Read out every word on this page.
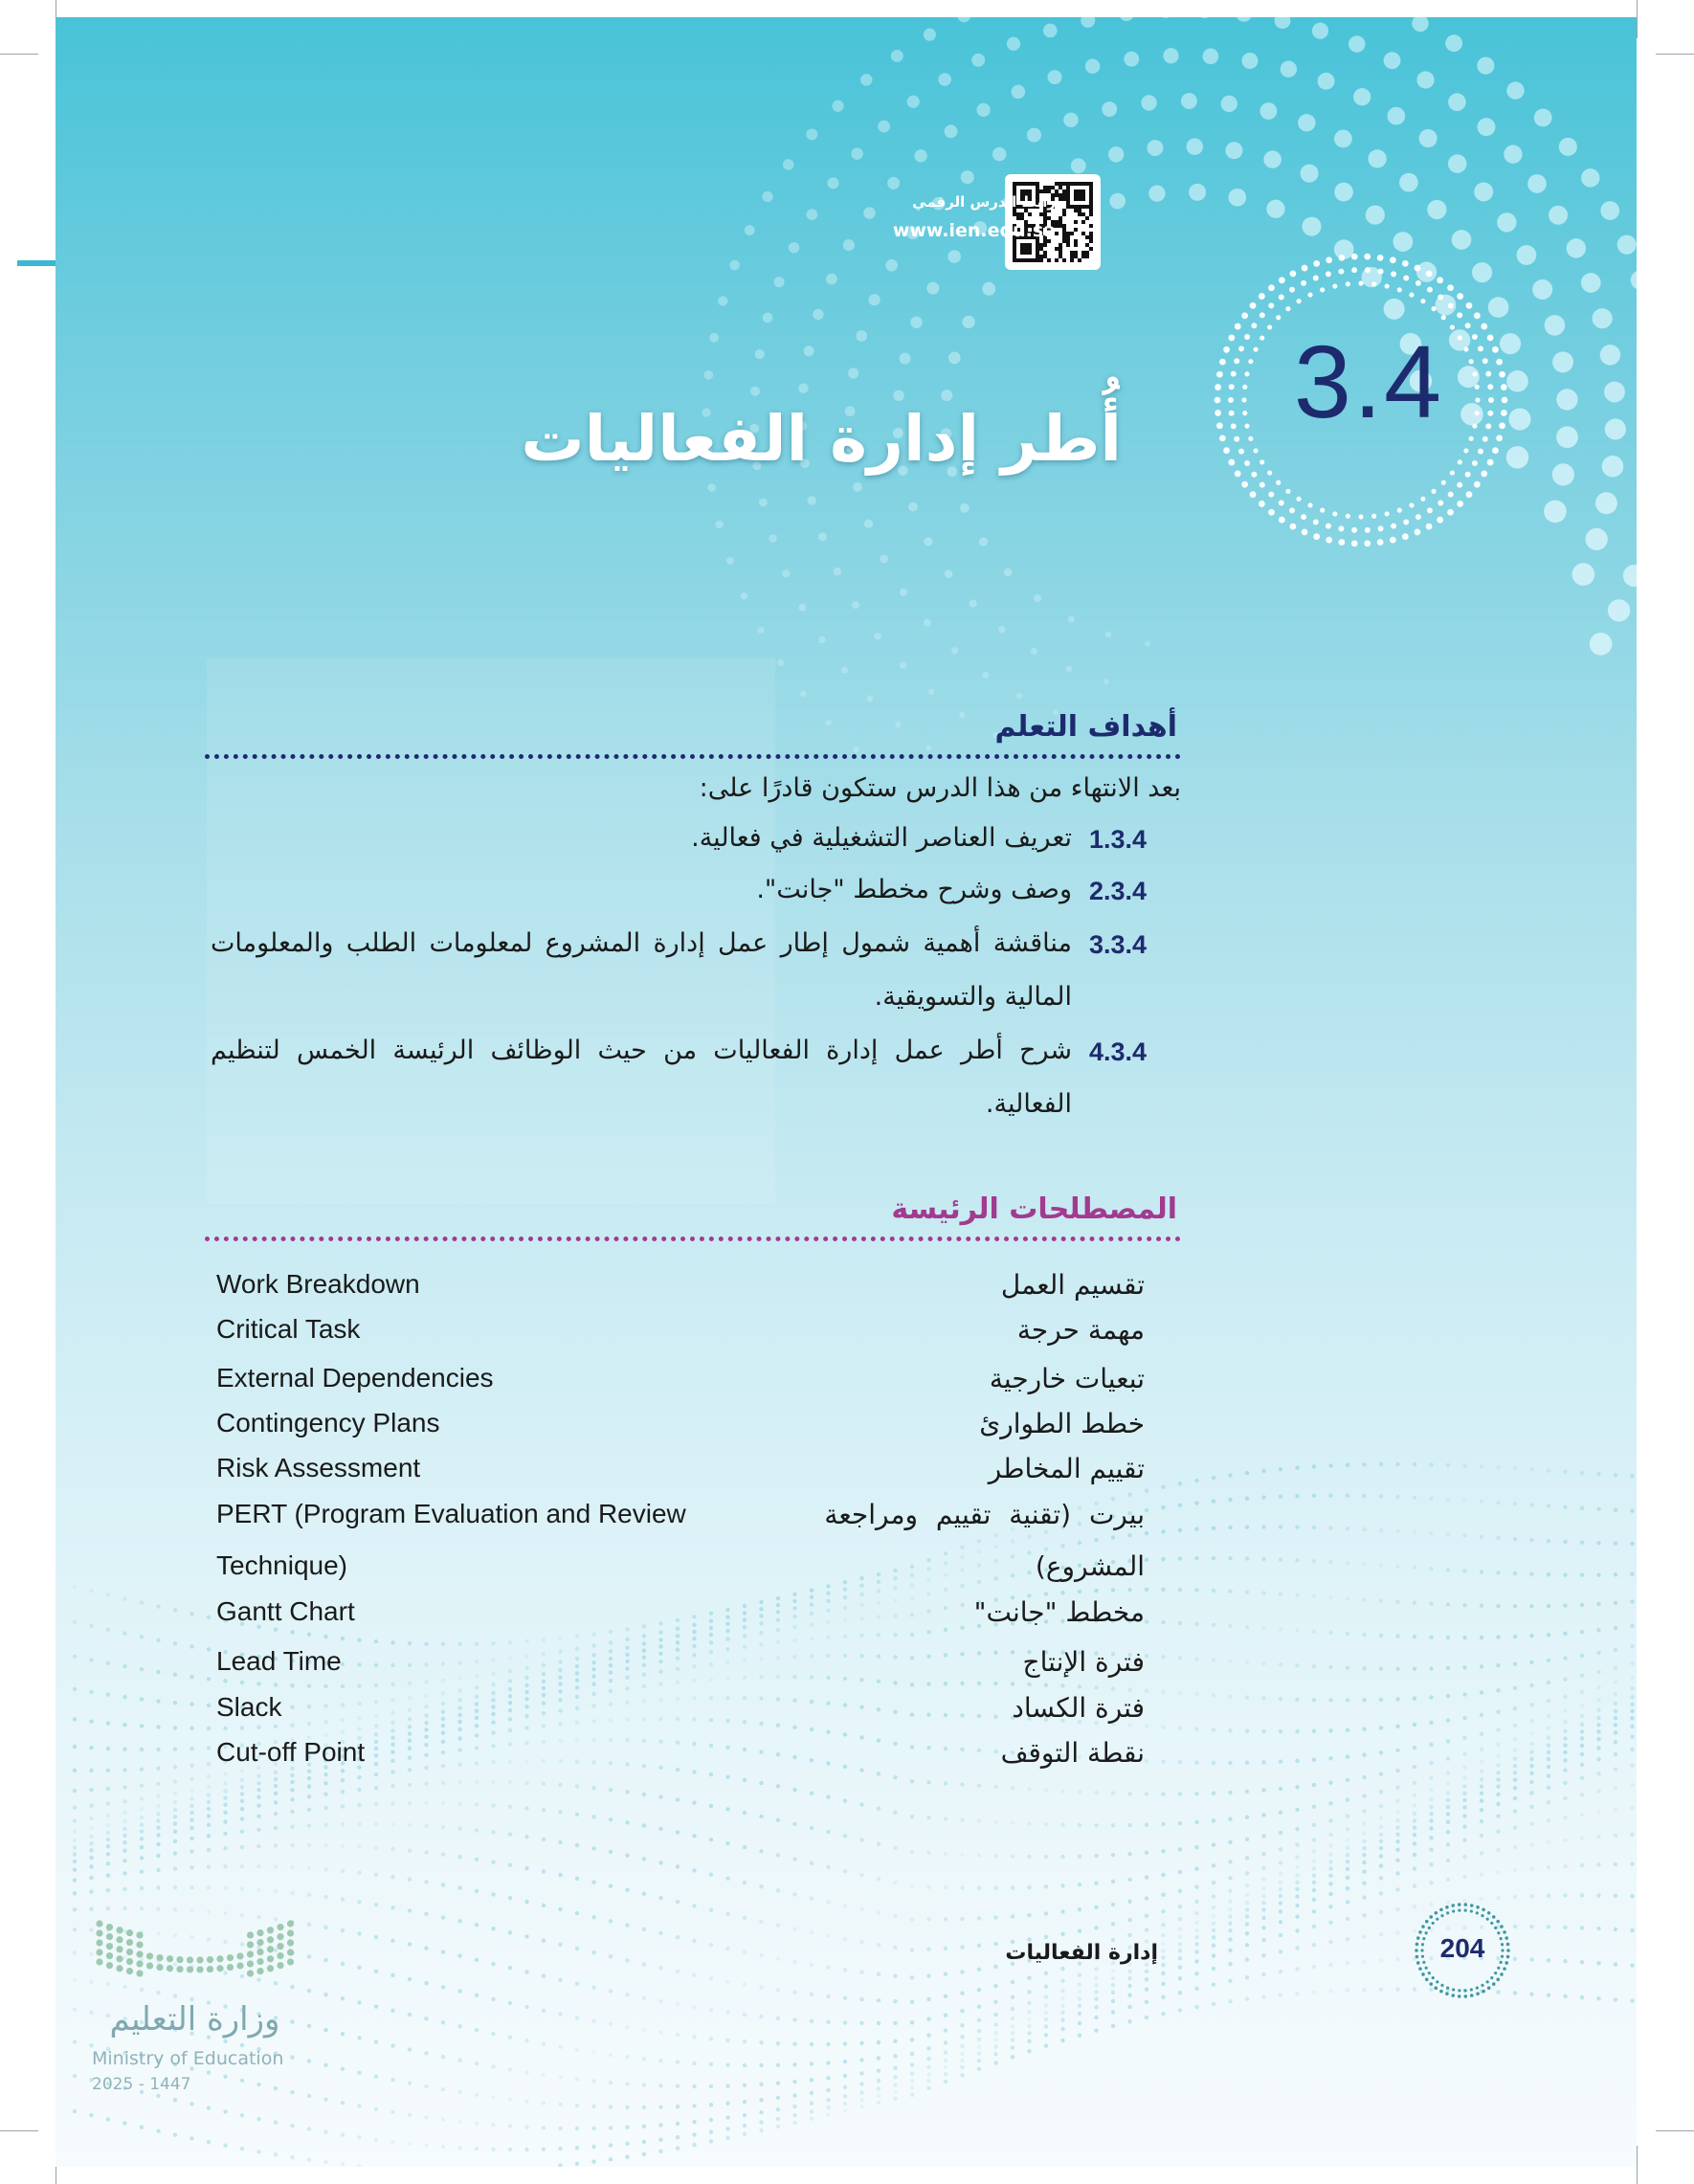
رابط الدرس الرقمي
www.ien.edu.sa
3.4
أُطر إدارة الفعاليات
أهداف التعلم
بعد الانتهاء من هذا الدرس ستكون قادرًا على:
1.3.4
تعريف العناصر التشغيلية في فعالية.
2.3.4
وصف وشرح مخطط "جانت".
3.3.4
مناقشة أهمية شمول إطار عمل إدارة المشروع لمعلومات الطلب والمعلومات المالية والتسويقية.
4.3.4
شرح أطر عمل إدارة الفعاليات من حيث الوظائف الرئيسة الخمس لتنظيم الفعالية.
المصطلحات الرئيسة
Work Breakdown	تقسيم العمل
Critical Task	مهمة حرجة
External Dependencies	تبعيات خارجية
Contingency Plans	خطط الطوارئ
Risk Assessment	تقييم المخاطر
PERT (Program Evaluation and Review	بيرت (تقنية تقييم ومراجعة
Technique)	المشروع)
Gantt Chart	مخطط "جانت"
Lead Time	فترة الإنتاج
Slack	فترة الكساد
Cut-off Point	نقطة التوقف
إدارة الفعاليات	204
وزارة التعليم
Ministry of Education
2025 - 1447
